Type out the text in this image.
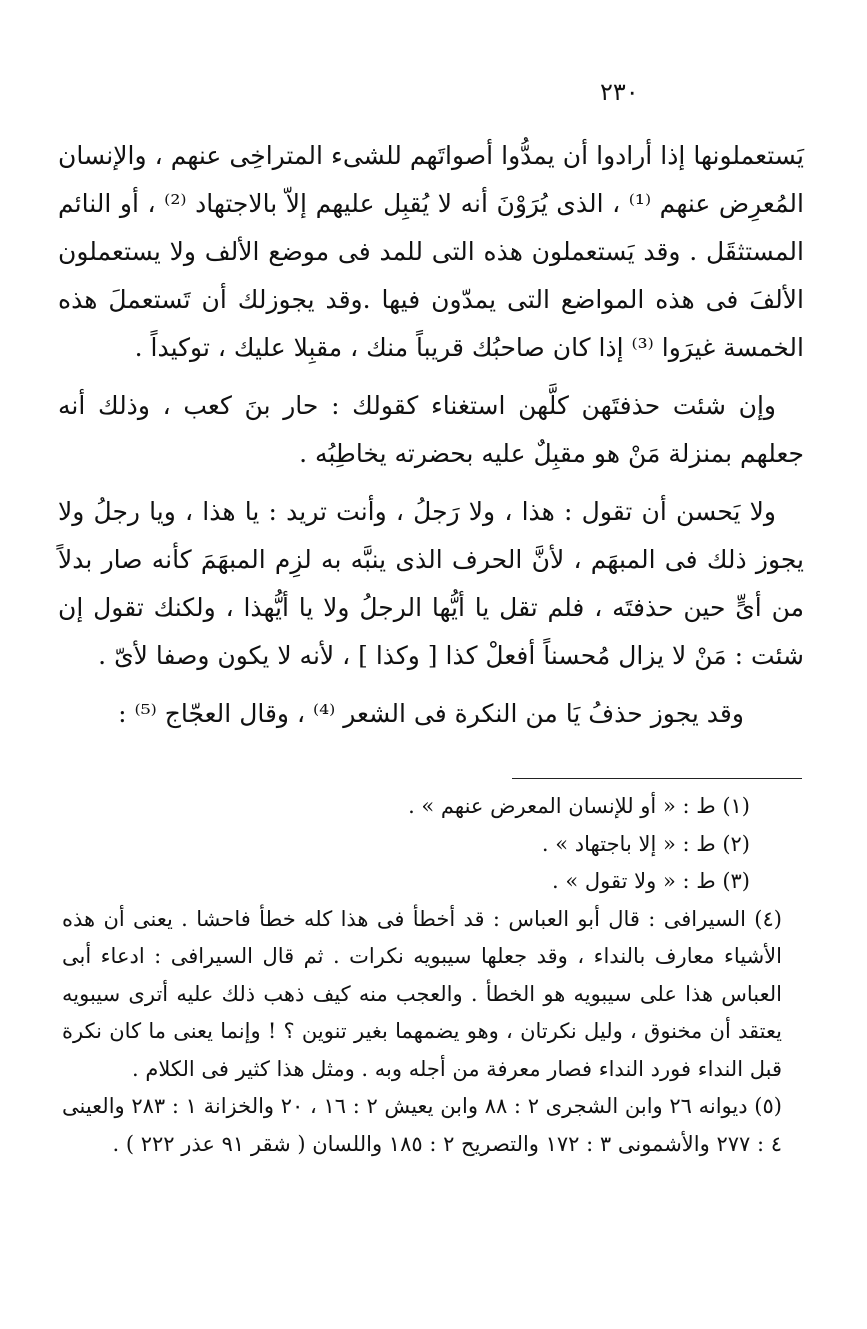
٢٣٠

يَستعملونها إذا أرادوا أن يمدُّوا أصواتَهم للشىء المتراخِى عنهم ، والإنسان المُعرِض عنهم ⁽¹⁾ ، الذى يُرَوْنَ أنه لا يُقبِل عليهم إلاّ بالاجتهاد ⁽²⁾ ، أو النائم المستثقَل . وقد يَستعملون هذه التى للمد فى موضع الألف ولا يستعملون الألفَ فى هذه المواضع التى يمدّون فيها .وقد يجوزلك أن تَستعملَ هذه الخمسة غيرَوا ⁽³⁾ إذا كان صاحبُك قريباً منك ، مقبِلا عليك ، توكيداً .

وإن شئت حذفتَهن كلَّهن استغناء كقولك : حار بنَ كعب ، وذلك أنه جعلهم بمنزلة مَنْ هو مقبِلٌ عليه بحضرته يخاطِبُه .

ولا يَحسن أن تقول : هذا ، ولا رَجلُ ، وأنت تريد : يا هذا ، ويا رجلُ ولا يجوز ذلك فى المبهَم ، لأنَّ الحرف الذى ينبَّه به لزِم المبهَمَ كأنه صار بدلاً من أىٍّ حين حذفتَه ، فلم تقل يا أيُّها الرجلُ ولا يا أيُّهذا ، ولكنك تقول إن شئت : مَنْ لا يزال مُحسناً أفعلْ كذا [ وكذا ] ، لأنه لا يكون وصفا لأىّ .

وقد يجوز حذفُ يَا من النكرة فى الشعر ⁽⁴⁾ ، وقال العجّاج ⁽⁵⁾ :

(١) ط : « أو للإنسان المعرض عنهم » .

(٢) ط : « إلا باجتهاد » .

(٣) ط : « ولا تقول » .

(٤) السيرافى : قال أبو العباس : قد أخطأ فى هذا كله خطأ فاحشا . يعنى أن هذه الأشياء معارف بالنداء ، وقد جعلها سيبويه نكرات . ثم قال السيرافى : ادعاء أبى العباس هذا على سيبويه هو الخطأ . والعجب منه كيف ذهب ذلك عليه أترى سيبويه يعتقد أن مخنوق ، وليل نكرتان ، وهو يضمهما بغير تنوين ؟ ! وإنما يعنى ما كان نكرة قبل النداء فورد النداء فصار معرفة من أجله وبه . ومثل هذا كثير فى الكلام .

(٥) ديوانه ٢٦ وابن الشجرى ٢ : ٨٨ وابن يعيش ٢ : ١٦ ، ٢٠ والخزانة ١ : ٢٨٣ والعينى ٤ : ٢٧٧ والأشمونى ٣ : ١٧٢ والتصريح ٢ : ١٨٥ واللسان ( شقر ٩١ عذر ٢٢٢ ) .
